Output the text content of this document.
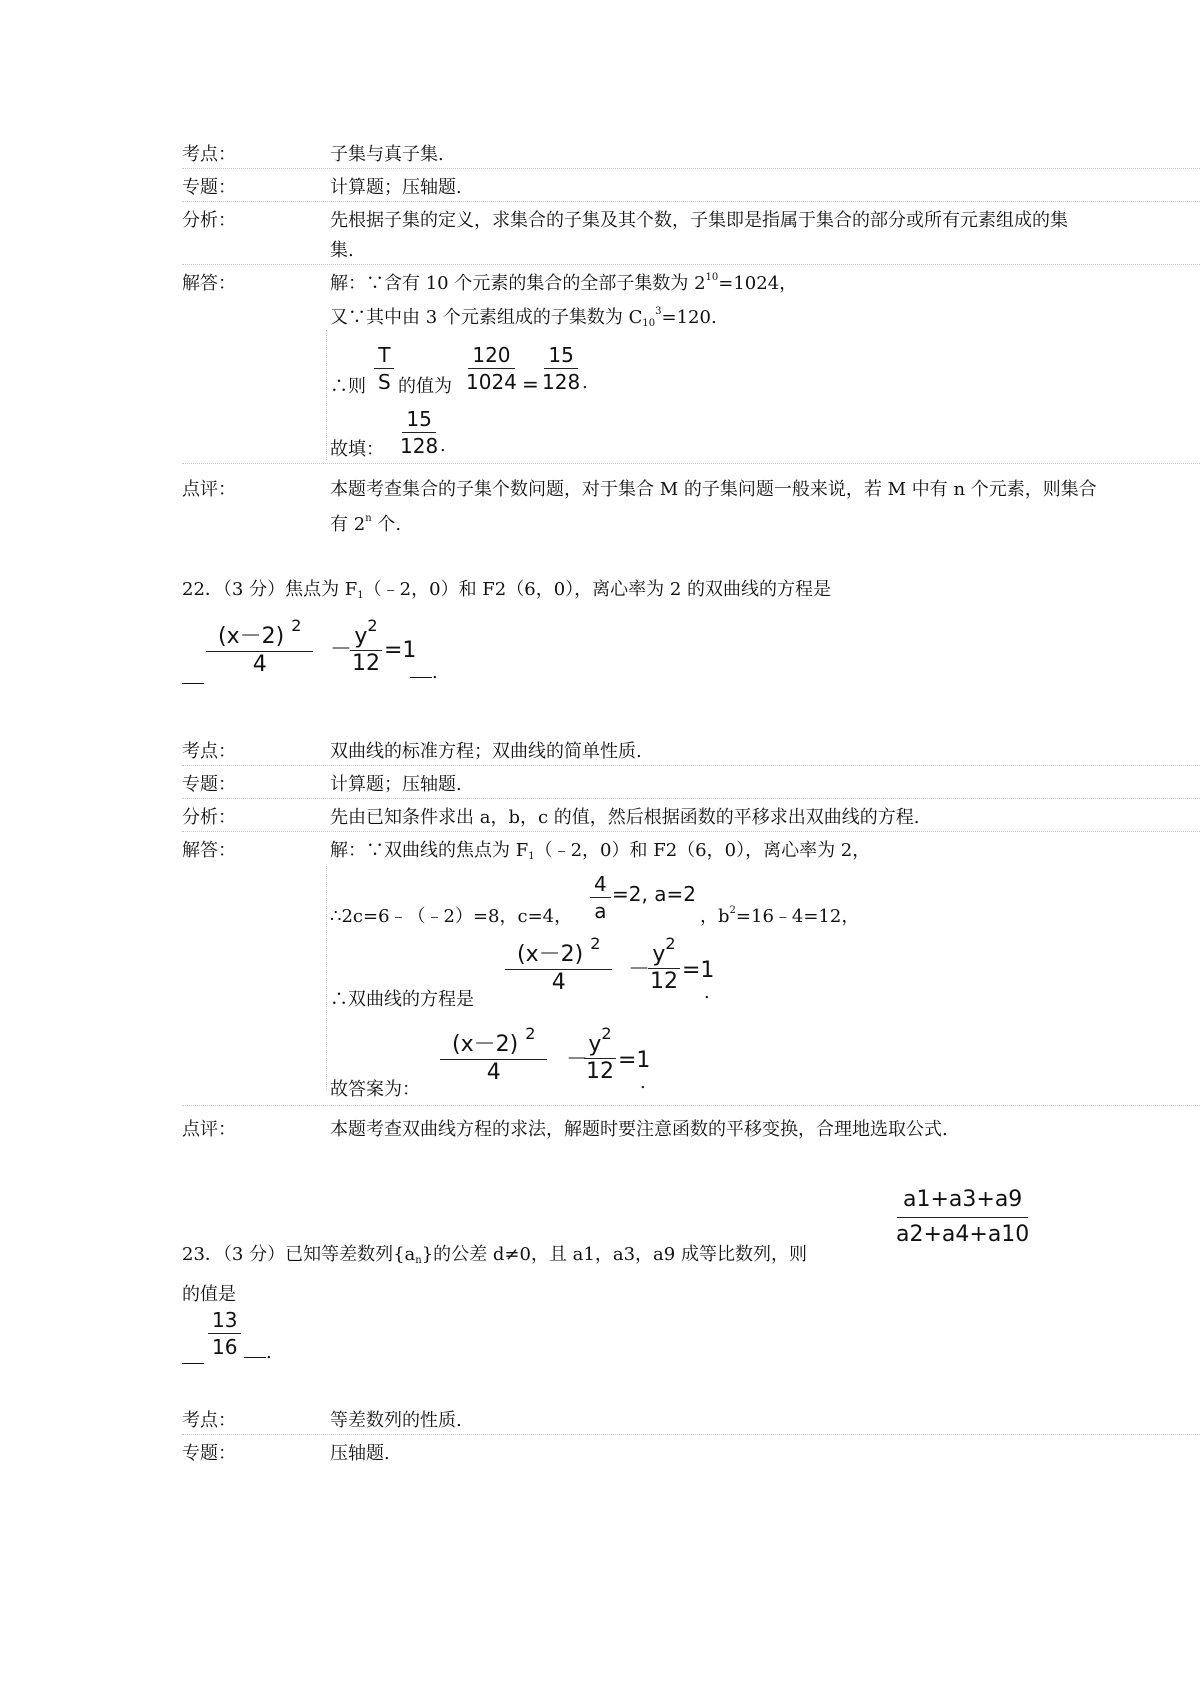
考点：	子集与真子集.
专题：	计算题；压轴题.
分析：	先根据子集的定义，求集合的子集及其个数，子集即是指属于集合的部分或所有元素组成的集
集.
解答：	解：∵含有 10 个元素的集合的全部子集数为 $2^{10}=1024$，
又∵其中由 3 个元素组成的子集数为 $C_{10}^3=120$.
∴则 $\frac{T}{S}$ 的值为 $\frac{120}{1024} = \frac{15}{128}$
.
故填： $\frac{15}{128}$
.
点评：	本题考查集合的子集个数问题，对于集合 M 的子集问题一般来说，若 M 中有 n 个元素，则集合
有 2$^n$ 个.
22．（3 分）焦点为 $F_1(﹣2$，0）和 F2（6，0），离心率为 2 的双曲线的方程是
$\frac{(x-2) ^2}{4}$ －
$\frac{y^2}{12} =1$
.
考点：	双曲线的标准方程；双曲线的简单性质.
专题：	计算题；压轴题.
分析：	先由已知条件求出 a，b，c 的值，然后根据函数的平移求出双曲线的方程.
解答：	解：∵双曲线的焦点为 $F_1(﹣2$，0）和 F2（6，0），离心率为 2，
∴2c=6﹣（﹣2）=8，c=4， $\frac{4}{a} =2$, a=2
，$b^2=16﹣4=12$，
∴双曲线的方程是
$\frac{(x-2) ^2}{4}$ －
$\frac{y^2}{12} =1$
.
故答案为：
$\frac{(x-2) ^2}{4}$ －
$\frac{y^2}{12} =1$
.
点评：	本题考查双曲线方程的求法，解题时要注意函数的平移变换，合理地选取公式.
23．（3 分）已知等差数列$\{a_n\}$的公差 d≠0，且 a1，a3，a9 成等比数列，则
$\frac{a1+a3+a9}{a2+a4+a10}$
的值是
$\frac{13}{16}$	.
考点：	等差数列的性质.
专题：	压轴题.
